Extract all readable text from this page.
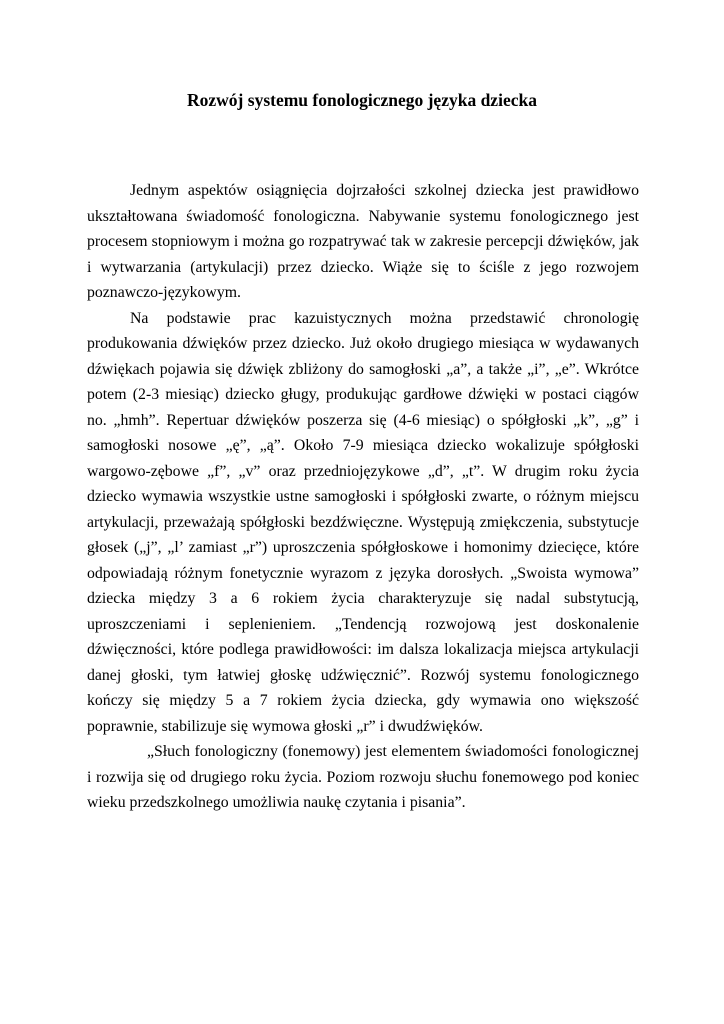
Rozwój systemu fonologicznego języka dziecka

Jednym aspektów osiągnięcia dojrzałości szkolnej dziecka jest prawidłowo ukształtowana świadomość fonologiczna. Nabywanie systemu fonologicznego jest procesem stopniowym i można go rozpatrywać tak w zakresie percepcji dźwięków, jak i wytwarzania (artykulacji) przez dziecko. Wiąże się to ściśle z jego rozwojem poznawczo-językowym.

Na podstawie prac kazuistycznych można przedstawić chronologię produkowania dźwięków przez dziecko. Już około drugiego miesiąca w wydawanych dźwiękach pojawia się dźwięk zbliżony do samogłoski „a”, a także „i”, „e”. Wkrótce potem (2-3 miesiąc) dziecko gługy, produkując gardłowe dźwięki w postaci ciągów no. „hmh”. Repertuar dźwięków poszerza się (4-6 miesiąc) o spółgłoski „k”, „g” i samogłoski nosowe „ę”, „ą”. Około 7-9 miesiąca dziecko wokalizuje spółgłoski wargowo-zębowe „f”, „v” oraz przedniojęzykowe „d”, „t”. W drugim roku życia dziecko wymawia wszystkie ustne samogłoski i spółgłoski zwarte, o różnym miejscu artykulacji, przeważają spółgłoski bezdźwięczne. Występują zmiękczenia, substytucje głosek („j”, „l’ zamiast „r”) uproszczenia spółgłoskowe i homonimy dziecięce, które odpowiadają różnym fonetycznie wyrazom z języka dorosłych. „Swoista wymowa” dziecka między 3 a 6 rokiem życia charakteryzuje się nadal substytucją, uproszczeniami i seplenieniem. „Tendencją rozwojową jest doskonalenie dźwięczności, które podlega prawidłowości: im dalsza lokalizacja miejsca artykulacji danej głoski, tym łatwiej głoskę udźwięcznić”. Rozwój systemu fonologicznego kończy się między 5 a 7 rokiem życia dziecka, gdy wymawia ono większość poprawnie, stabilizuje się wymowa głoski „r” i dwudźwięków.

„Słuch fonologiczny (fonemowy) jest elementem świadomości fonologicznej i rozwija się od drugiego roku życia. Poziom rozwoju słuchu fonemowego pod koniec wieku przedszkolnego umożliwia naukę czytania i pisania”.
